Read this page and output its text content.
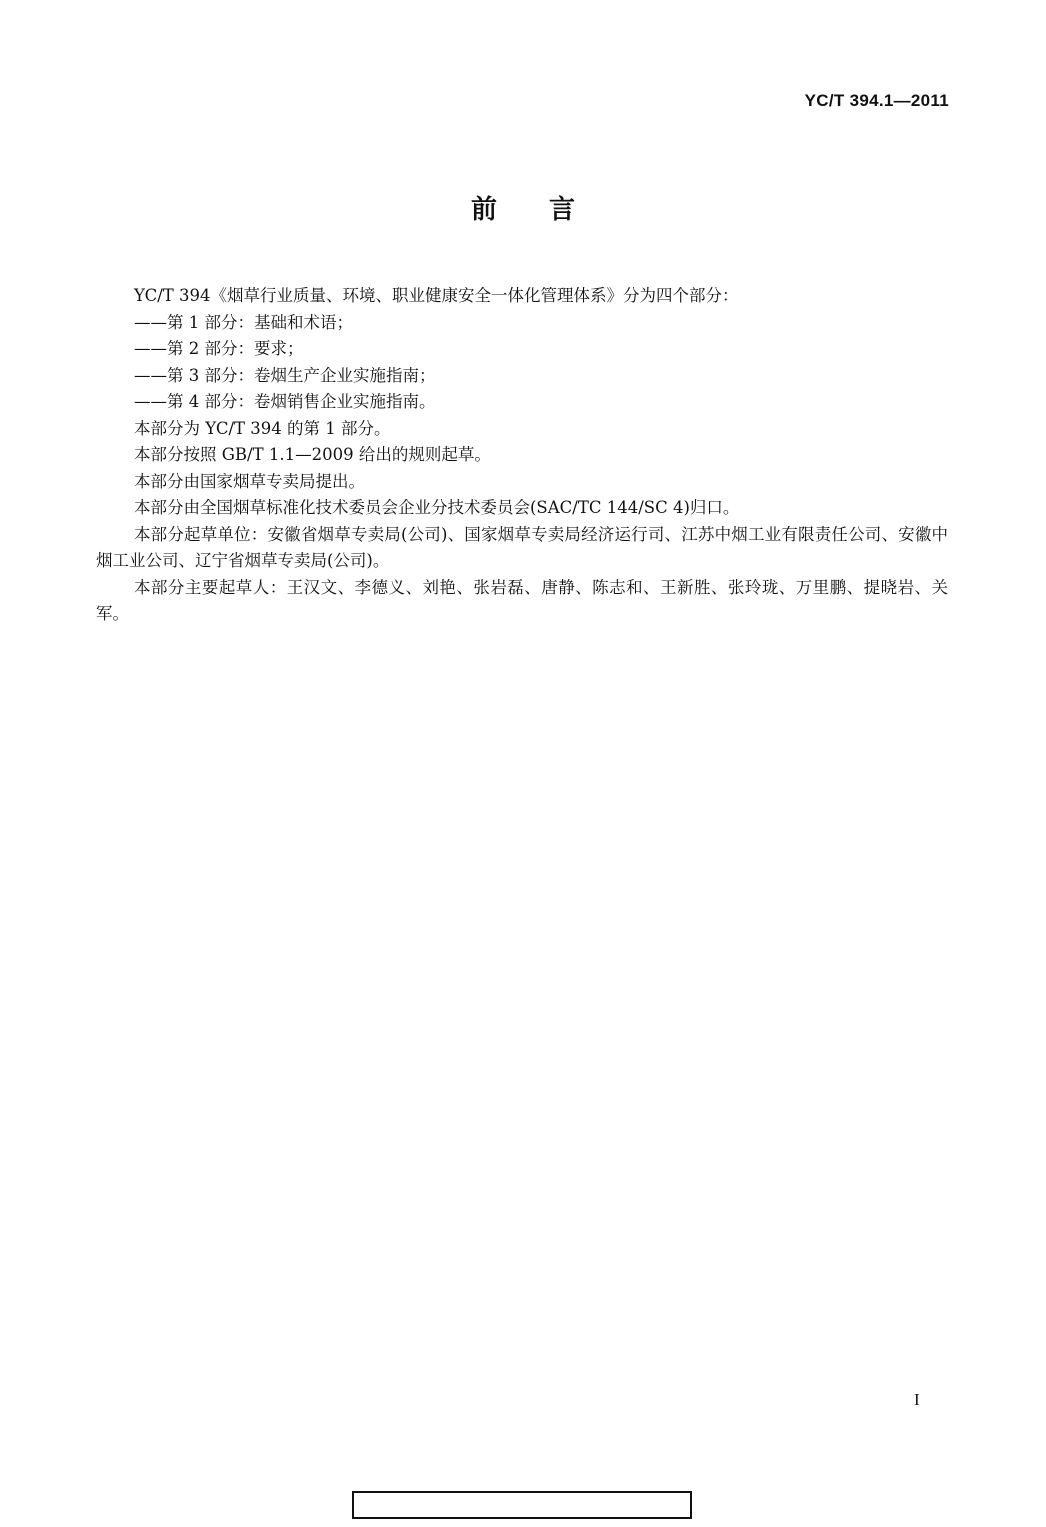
YC/T 394.1—2011
前言

YC/T 394《烟草行业质量、环境、职业健康安全一体化管理体系》分为四个部分：

——第 1 部分：基础和术语；

——第 2 部分：要求；

——第 3 部分：卷烟生产企业实施指南；

——第 4 部分：卷烟销售企业实施指南。

本部分为 YC/T 394 的第 1 部分。

本部分按照 GB/T 1.1—2009 给出的规则起草。

本部分由国家烟草专卖局提出。

本部分由全国烟草标准化技术委员会企业分技术委员会(SAC/TC 144/SC 4)归口。

本部分起草单位：安徽省烟草专卖局(公司)、国家烟草专卖局经济运行司、江苏中烟工业有限责任公司、安徽中烟工业公司、辽宁省烟草专卖局(公司)。

本部分主要起草人：王汉文、李德义、刘艳、张岩磊、唐静、陈志和、王新胜、张玲珑、万里鹏、提晓岩、关军。

I
